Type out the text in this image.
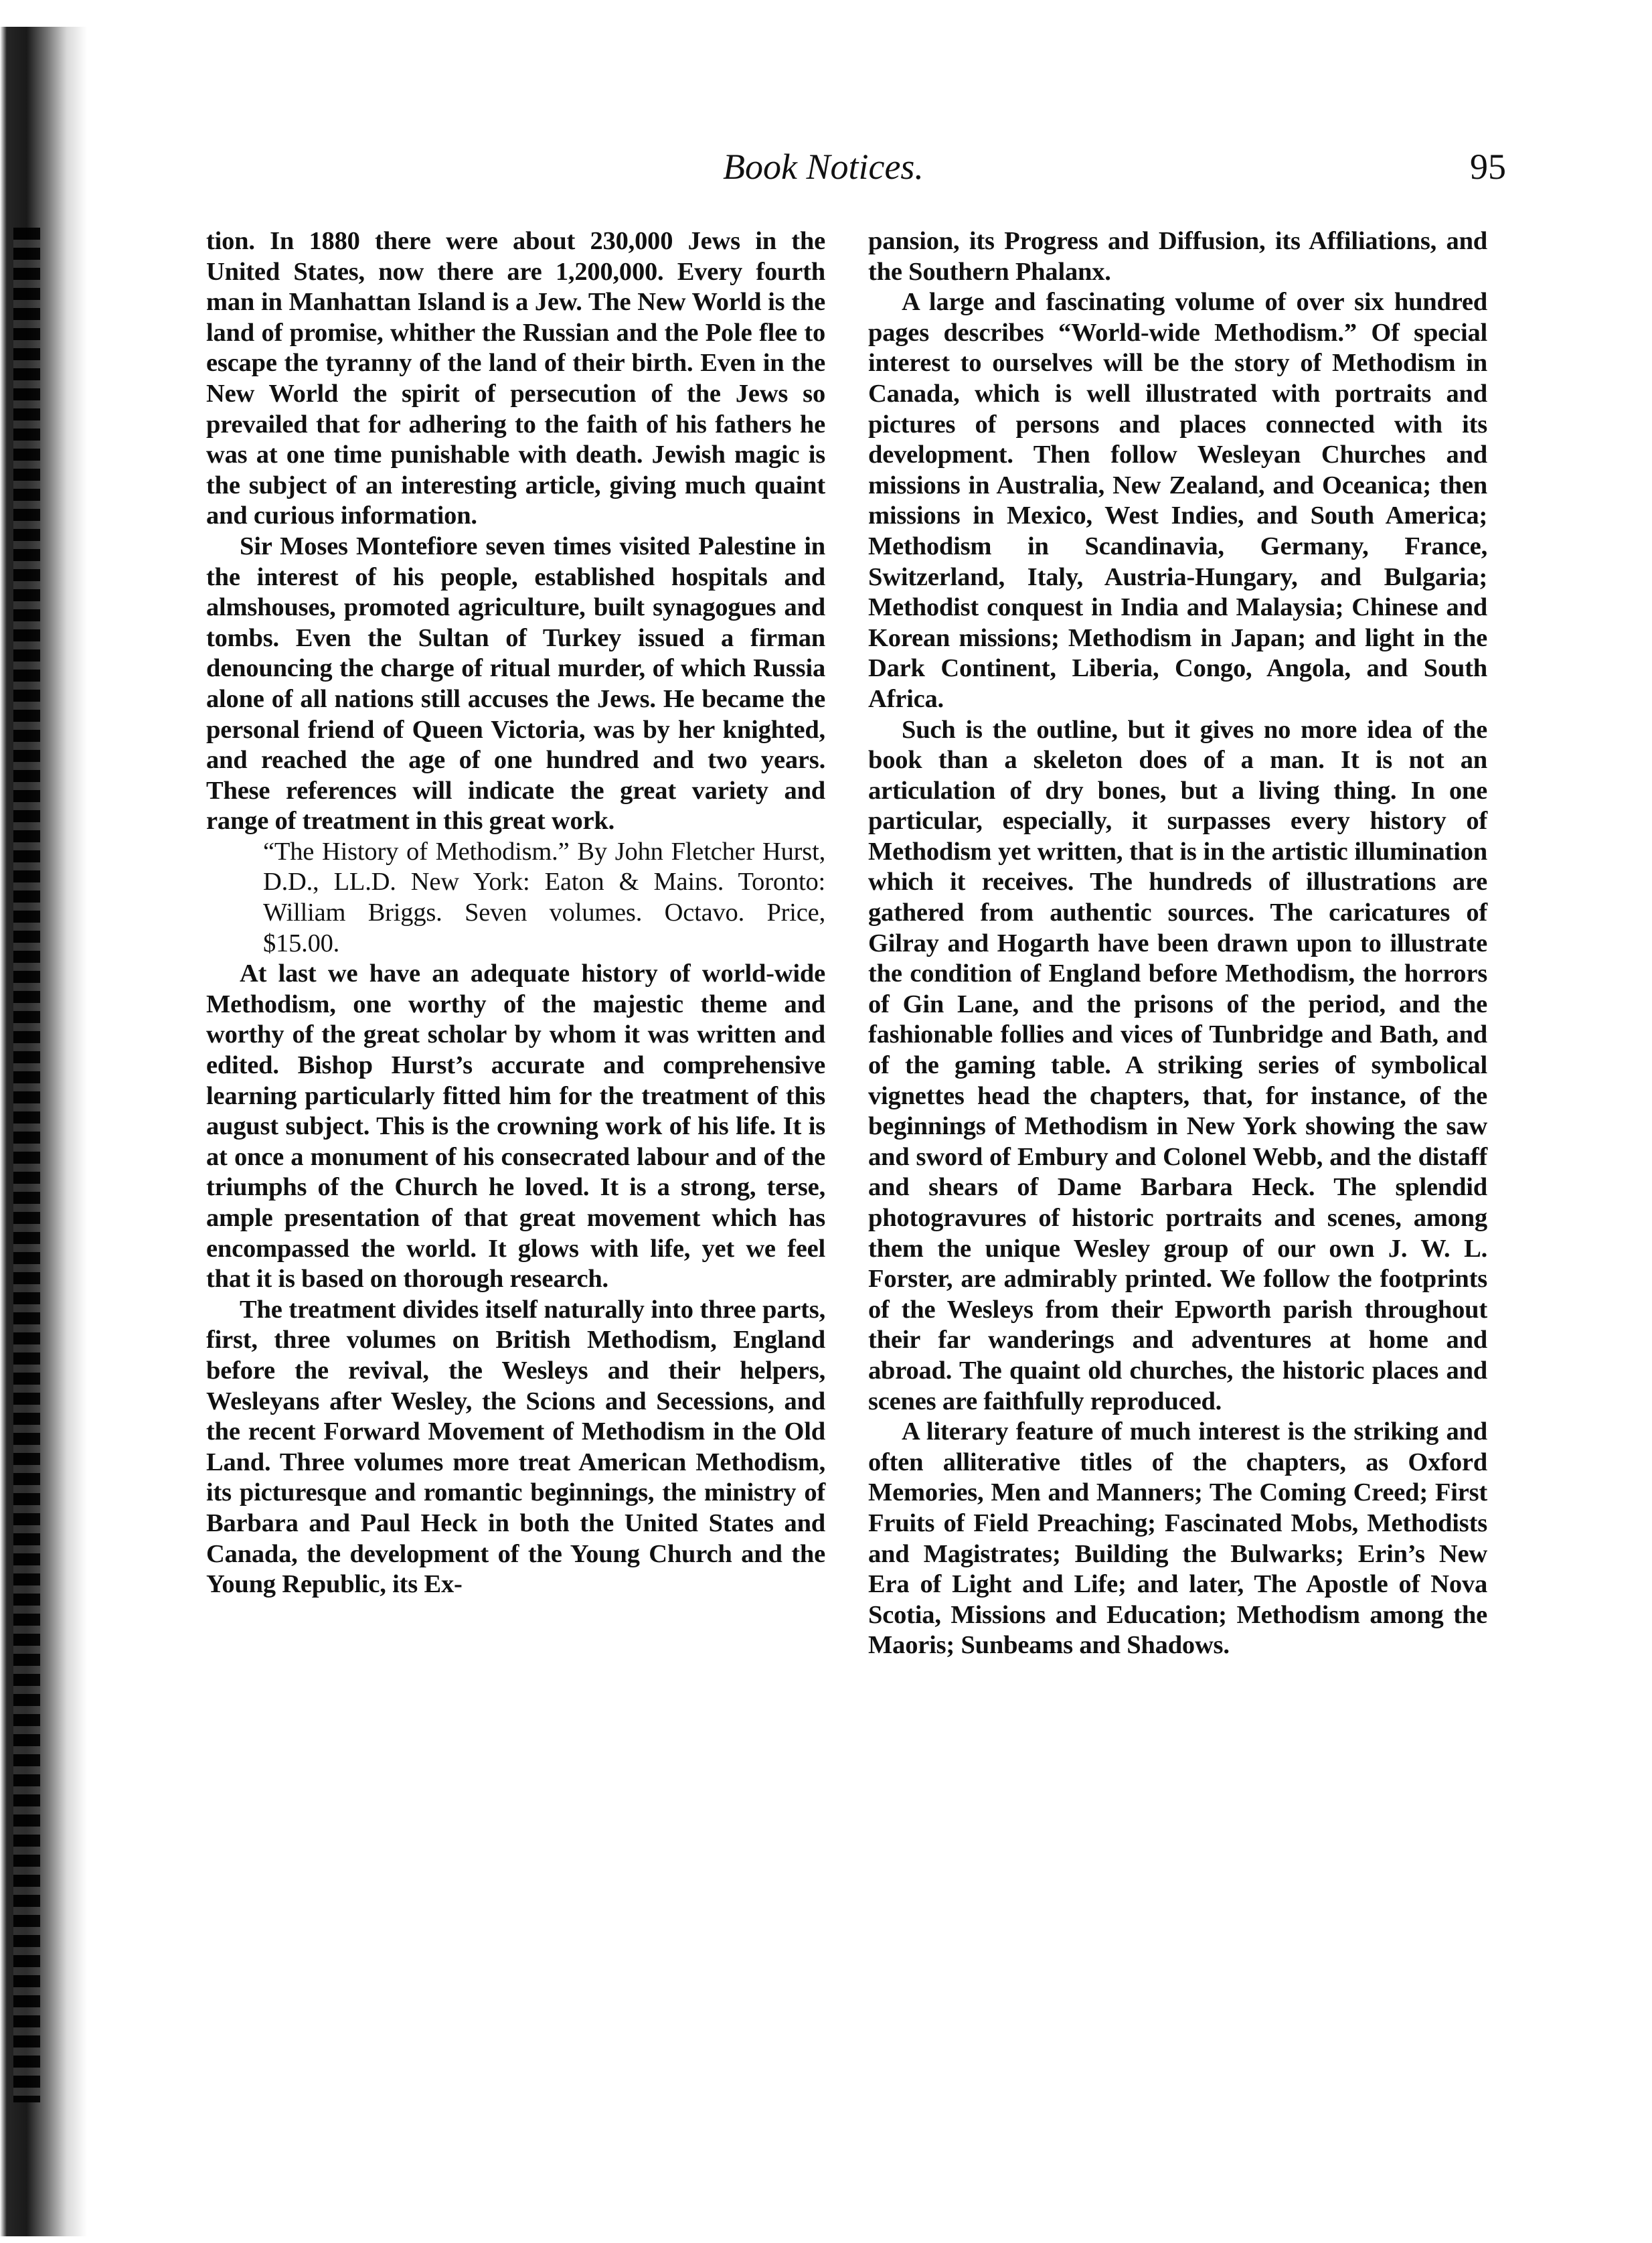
Book Notices.	95

tion. In 1880 there were about 230,000 Jews in the United States, now there are 1,200,000. Every fourth man in Manhattan Island is a Jew. The New World is the land of promise, whither the Russian and the Pole flee to escape the tyranny of the land of their birth. Even in the New World the spirit of persecution of the Jews so prevailed that for adhering to the faith of his fathers he was at one time punishable with death. Jewish magic is the subject of an interesting article, giving much quaint and curious information.

Sir Moses Montefiore seven times visited Palestine in the interest of his people, established hospitals and almshouses, promoted agriculture, built synagogues and tombs. Even the Sultan of Turkey issued a firman denouncing the charge of ritual murder, of which Russia alone of all nations still accuses the Jews. He became the personal friend of Queen Victoria, was by her knighted, and reached the age of one hundred and two years. These references will indicate the great variety and range of treatment in this great work.

“The History of Methodism.” By John Fletcher Hurst, D.D., LL.D. New York: Eaton & Mains. Toronto: William Briggs. Seven volumes. Octavo. Price, $15.00.

At last we have an adequate history of world-wide Methodism, one worthy of the majestic theme and worthy of the great scholar by whom it was written and edited. Bishop Hurst’s accurate and comprehensive learning particularly fitted him for the treatment of this august subject. This is the crowning work of his life. It is at once a monument of his consecrated labour and of the triumphs of the Church he loved. It is a strong, terse, ample presentation of that great movement which has encompassed the world. It glows with life, yet we feel that it is based on thorough research.

The treatment divides itself naturally into three parts, first, three volumes on British Methodism, England before the revival, the Wesleys and their helpers, Wesleyans after Wesley, the Scions and Secessions, and the recent Forward Movement of Methodism in the Old Land. Three volumes more treat American Methodism, its picturesque and romantic beginnings, the ministry of Barbara and Paul Heck in both the United States and Canada, the development of the Young Church and the Young Republic, its Ex-

pansion, its Progress and Diffusion, its Affiliations, and the Southern Phalanx.

A large and fascinating volume of over six hundred pages describes “World-wide Methodism.” Of special interest to ourselves will be the story of Methodism in Canada, which is well illustrated with portraits and pictures of persons and places connected with its development. Then follow Wesleyan Churches and missions in Australia, New Zealand, and Oceanica; then missions in Mexico, West Indies, and South America; Methodism in Scandinavia, Germany, France, Switzerland, Italy, Austria-Hungary, and Bulgaria; Methodist conquest in India and Malaysia; Chinese and Korean missions; Methodism in Japan; and light in the Dark Continent, Liberia, Congo, Angola, and South Africa.

Such is the outline, but it gives no more idea of the book than a skeleton does of a man. It is not an articulation of dry bones, but a living thing. In one particular, especially, it surpasses every history of Methodism yet written, that is in the artistic illumination which it receives. The hundreds of illustrations are gathered from authentic sources. The caricatures of Gilray and Hogarth have been drawn upon to illustrate the condition of England before Methodism, the horrors of Gin Lane, and the prisons of the period, and the fashionable follies and vices of Tunbridge and Bath, and of the gaming table. A striking series of symbolical vignettes head the chapters, that, for instance, of the beginnings of Methodism in New York showing the saw and sword of Embury and Colonel Webb, and the distaff and shears of Dame Barbara Heck. The splendid photogravures of historic portraits and scenes, among them the unique Wesley group of our own J. W. L. Forster, are admirably printed. We follow the footprints of the Wesleys from their Epworth parish throughout their far wanderings and adventures at home and abroad. The quaint old churches, the historic places and scenes are faithfully reproduced.

A literary feature of much interest is the striking and often alliterative titles of the chapters, as Oxford Memories, Men and Manners; The Coming Creed; First Fruits of Field Preaching; Fascinated Mobs, Methodists and Magistrates; Building the Bulwarks; Erin’s New Era of Light and Life; and later, The Apostle of Nova Scotia, Missions and Education; Methodism among the Maoris; Sunbeams and Shadows.
